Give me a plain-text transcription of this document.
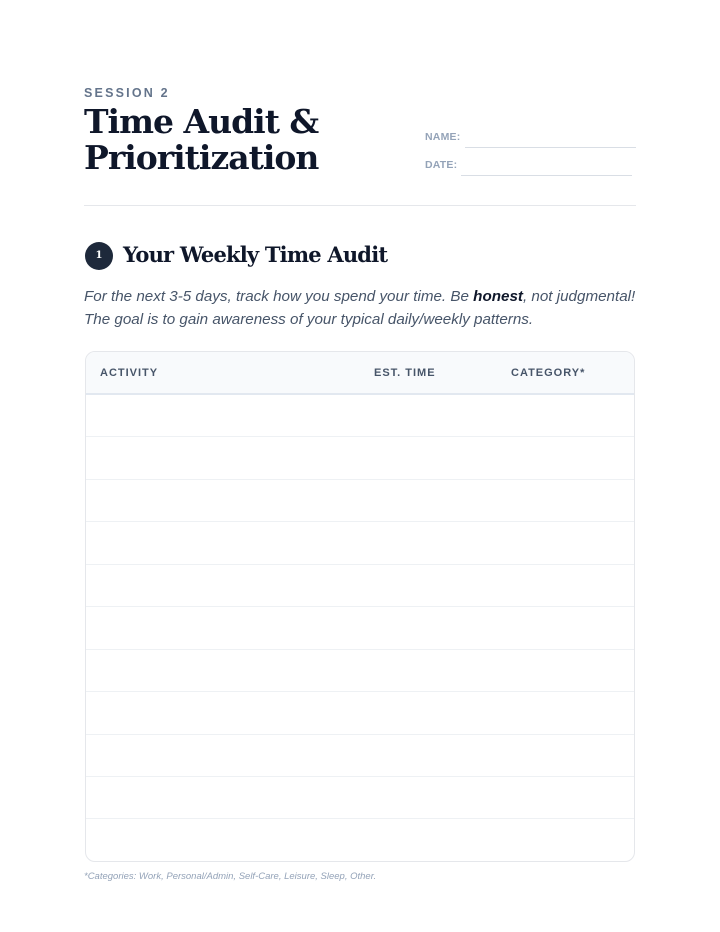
SESSION 2
Time Audit &
Prioritization
NAME:
DATE:
1 Your Weekly Time Audit

For the next 3-5 days, track how you spend your time. Be honest, not judgmental!

The goal is to gain awareness of your typical daily/weekly patterns.

ACTIVITY	EST. TIME	CATEGORY*
*Categories: Work, Personal/Admin, Self-Care, Leisure, Sleep, Other.
